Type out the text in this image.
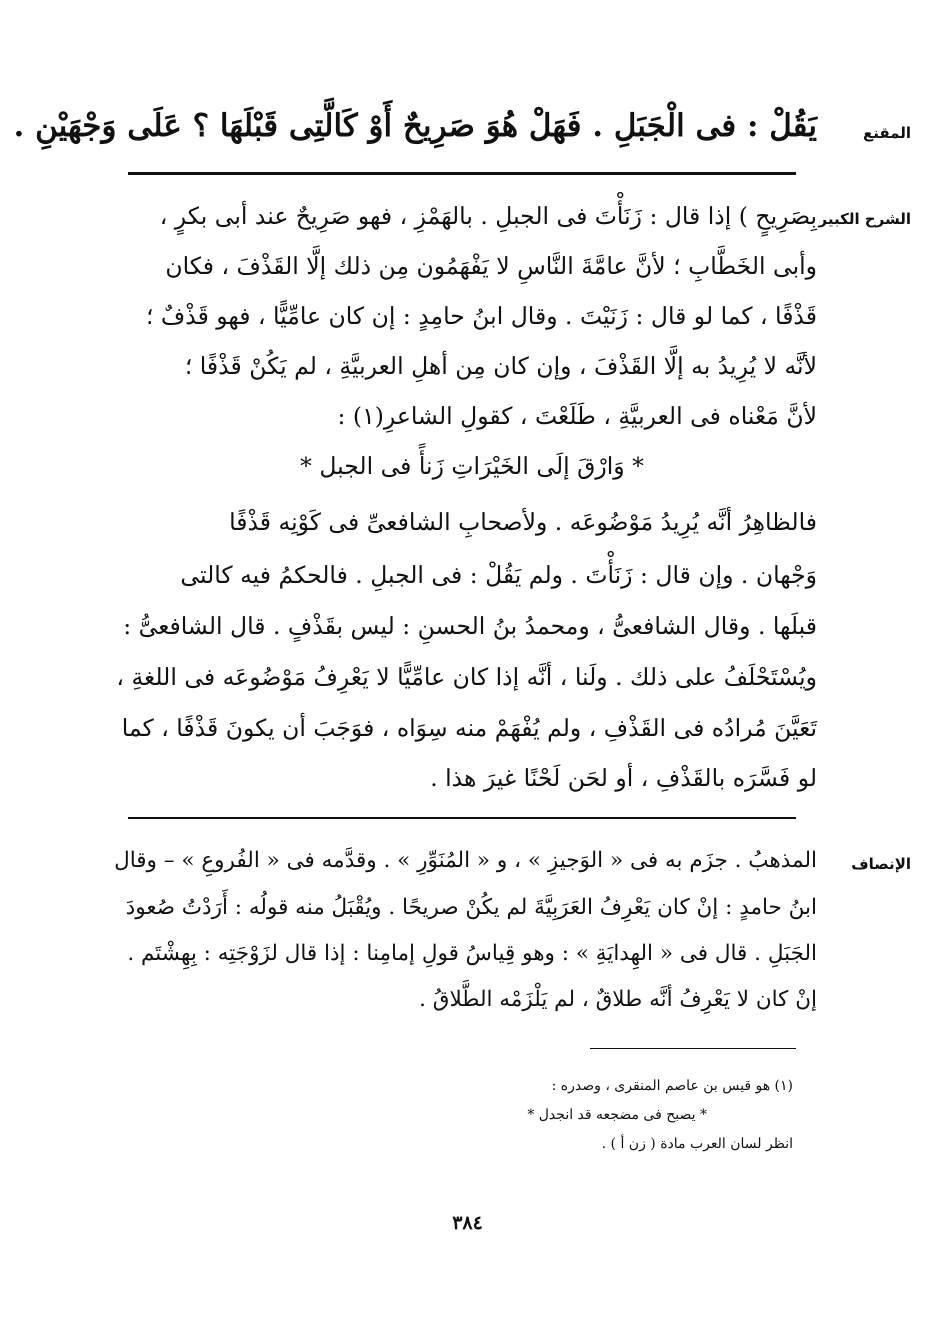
المقنع
يَقُلْ : فى الْجَبَلِ . فَهَلْ هُوَ صَرِيحٌ أَوْ كَالَّتِى قَبْلَهَا ؟ عَلَى وَجْهَيْنِ .
الشرح الكبير
بِصَرِيحٍ ) إذا قال : زَنَأْتَ فى الجبلِ . بالهَمْزِ ، فهو صَرِيحٌ عند أبى بكرٍ ،
وأبى الخَطَّابِ ؛ لأنَّ عامَّةَ النَّاسِ لا يَفْهَمُون مِن ذلك إلَّا القَذْفَ ، فكان
قَذْفًا ، كما لو قال : زَنَيْتَ . وقال ابنُ حامِدٍ : إن كان عامِّيًّا ، فهو قَذْفٌ ؛
لأنَّه لا يُرِيدُ به إلَّا القَذْفَ ، وإن كان مِن أهلِ العربيَّةِ ، لم يَكُنْ قَذْفًا ؛
لأنَّ مَعْناه فى العربيَّةِ ، طَلَعْتَ ، كقولِ الشاعرِ(١) :
* وَارْقَ إلَى الخَيْرَاتِ زَنأً فى الجبل *
فالظاهِرُ أنَّه يُرِيدُ مَوْضُوعَه . ولأصحابِ الشافعىِّ فى كَوْنِه قَذْفًا
وَجْهان . وإن قال : زَنَأْتَ . ولم يَقُلْ : فى الجبلِ . فالحكمُ فيه كالتى
قبلَها . وقال الشافعىُّ ، ومحمدُ بنُ الحسنِ : ليس بقَذْفٍ . قال الشافعىُّ :
ويُسْتَحْلَفُ على ذلك . ولَنا ، أنَّه إذا كان عامِّيًّا لا يَعْرِفُ مَوْضُوعَه فى اللغةِ ،
تَعَيَّنَ مُرادُه فى القَذْفِ ، ولم يُفْهَمْ منه سِوَاه ، فوَجَبَ أن يكونَ قَذْفًا ، كما
لو فَسَّرَه بالقَذْفِ ، أو لحَن لَحْنًا غيرَ هذا .
الإنصاف
المذهبُ . جزَم به فى « الوَجيزِ » ، و « المُنَوِّرِ » . وقدَّمه فى « الفُروعِ » – وقال
ابنُ حامدٍ : إنْ كان يَعْرِفُ العَرَبِيَّةَ لم يكُنْ صريحًا . ويُقْبَلُ منه قولُه : أَرَدْتُ صُعودَ
الجَبَلِ . قال فى « الهِدايَةِ » : وهو قِياسُ قولِ إمامِنا : إذا قال لزَوْجَتِه : بِهِشْتَم .
إنْ كان لا يَعْرِفُ أنَّه طلاقٌ ، لم يَلْزَمْه الطَّلاقُ .
(١) هو قيس بن عاصم المنقرى ، وصدره :
* يصبح فى مضجعه قد انجدل *
انظر لسان العرب مادة ( زن أ ) .
٣٨٤
